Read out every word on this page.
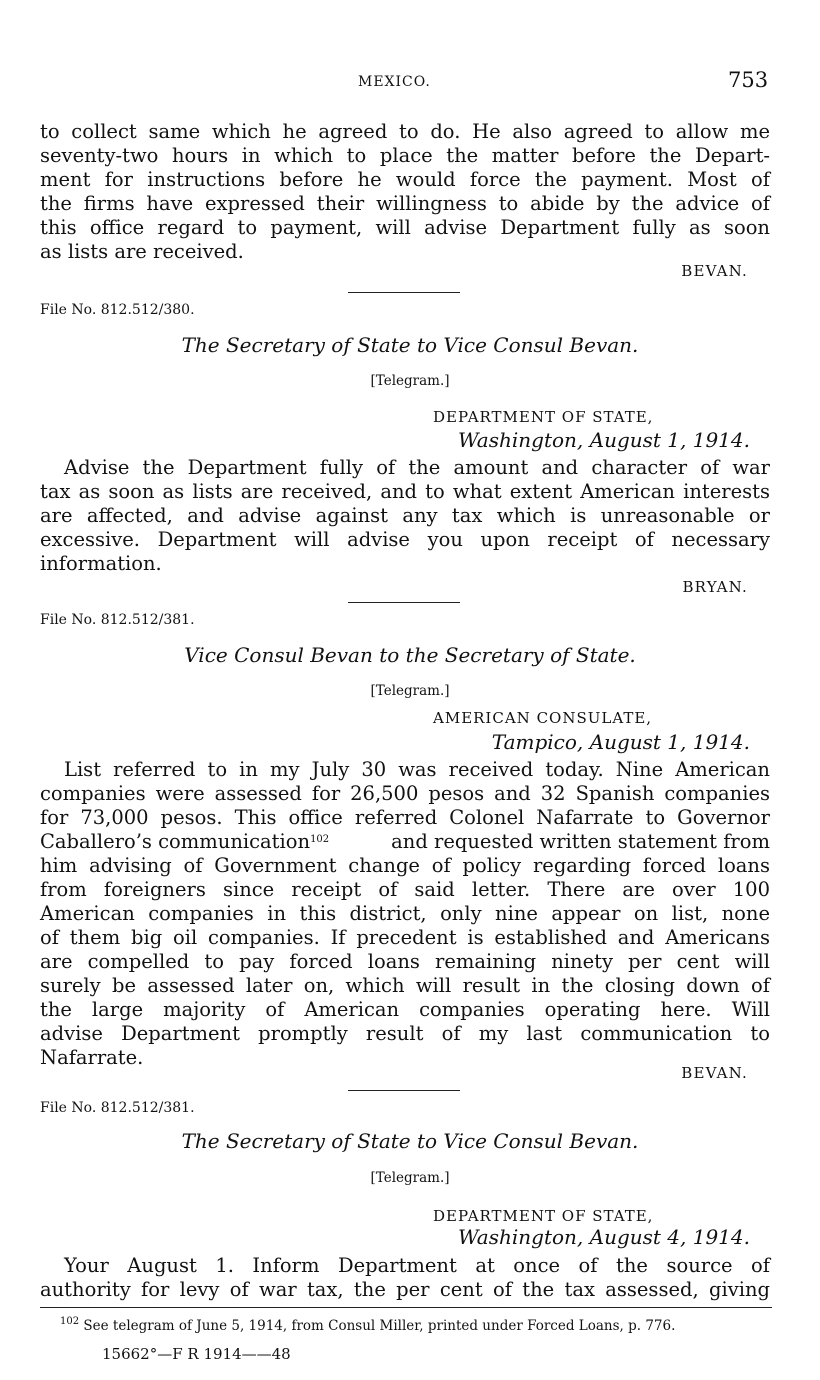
MEXICO.	753
to collect same which he agreed to do. He also agreed to allow me
seventy-two hours in which to place the matter before the Depart-
ment for instructions before he would force the payment. Most of
the firms have expressed their willingness to abide by the advice of
this office regard to payment, will advise Department fully as soon
as lists are received.
BEVAN.
File No. 812.512/380.
The Secretary of State to Vice Consul Bevan.
[Telegram.]
DEPARTMENT OF STATE,
Washington, August 1, 1914.
Advise the Department fully of the amount and character of war
tax as soon as lists are received, and to what extent American interests
are affected, and advise against any tax which is unreasonable or
excessive. Department will advise you upon receipt of necessary
information.
BRYAN.
File No. 812.512/381.
Vice Consul Bevan to the Secretary of State.
[Telegram.]
AMERICAN CONSULATE,
Tampico, August 1, 1914.
List referred to in my July 30 was received today. Nine American
companies were assessed for 26,500 pesos and 32 Spanish companies
for 73,000 pesos. This office referred Colonel Nafarrate to Governor
Caballero’s communication$^{102}$	and requested written statement from
him advising of Government change of policy regarding forced loans
from foreigners since receipt of said letter. There are over 100
American companies in this district, only nine appear on list, none
of them big oil companies. If precedent is established and Americans
are compelled to pay forced loans remaining ninety per cent will
surely be assessed later on, which will result in the closing down of
the large majority of American companies operating here. Will
advise Department promptly result of my last communication to
Nafarrate.
BEVAN.
File No. 812.512/381.
The Secretary of State to Vice Consul Bevan.
[Telegram.]
DEPARTMENT OF STATE,
Washington, August 4, 1914.
Your August 1. Inform Department at once of the source of
authority for levy of war tax, the per cent of the tax assessed, giving
$^{102}$ See telegram of June 5, 1914, from Consul Miller, printed under Forced Loans, p. 776.
15662°—F R 1914——48
